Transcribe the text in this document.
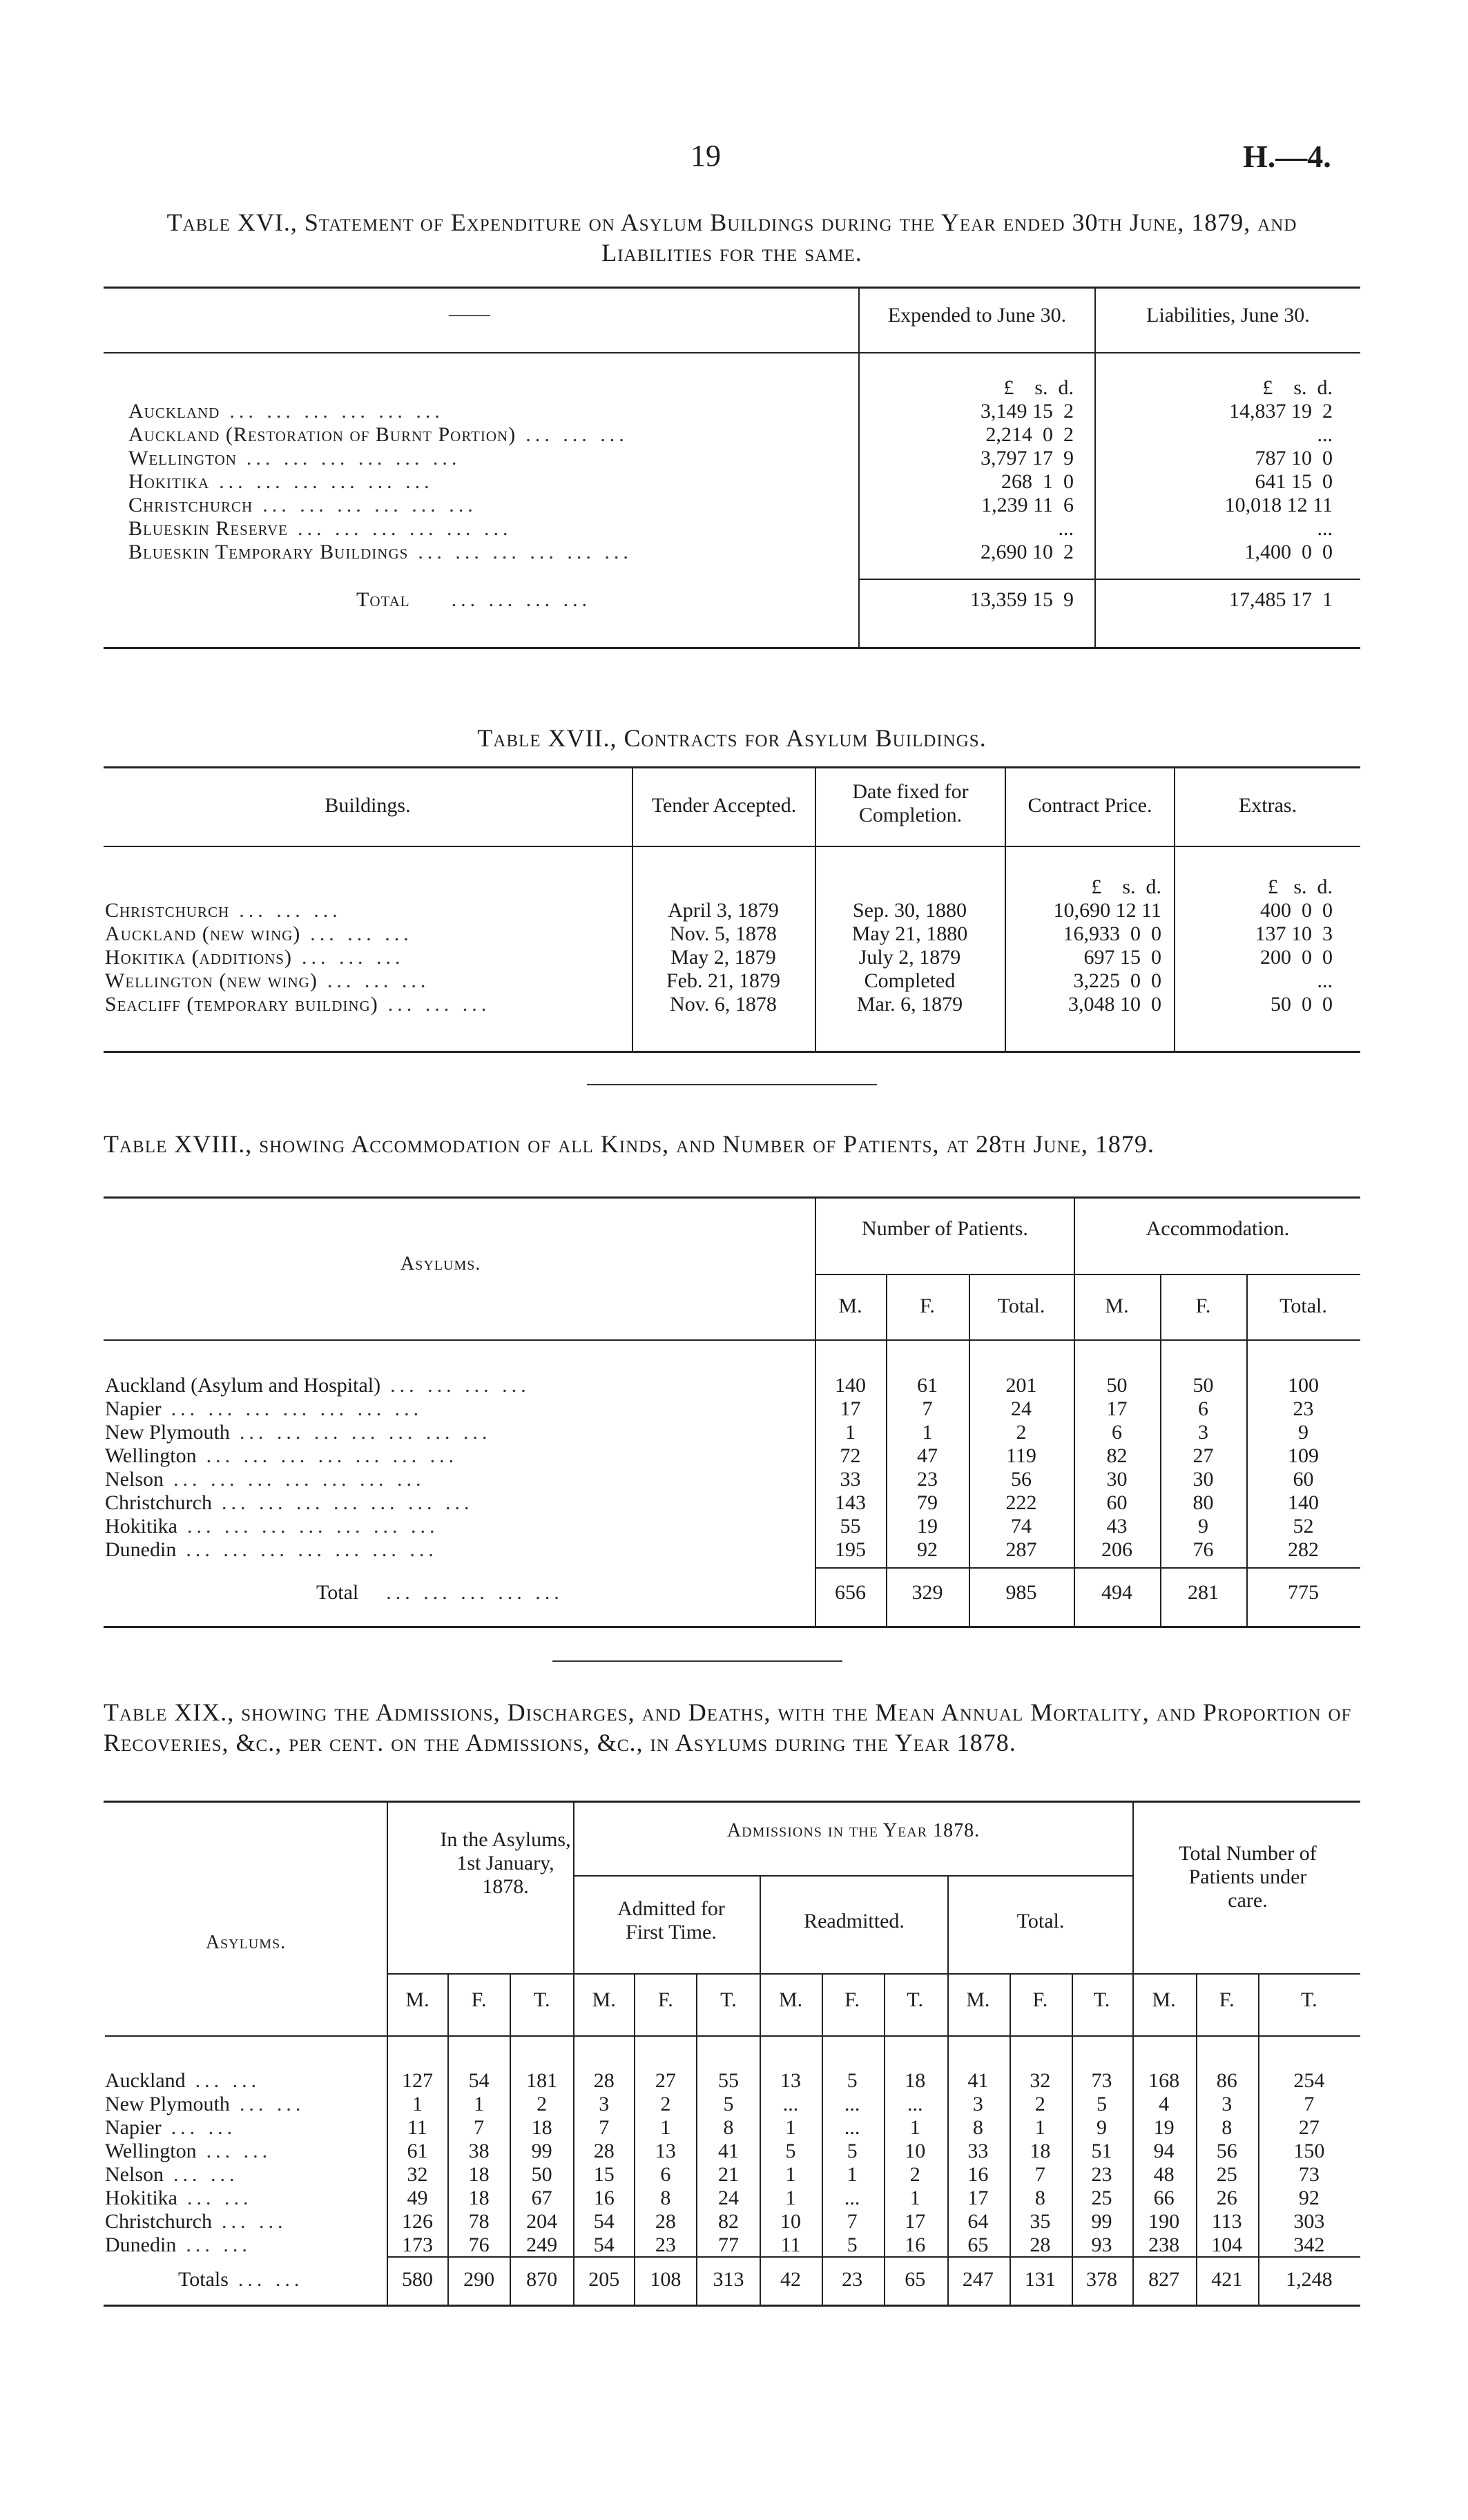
19	H.—4.
Table XVI., Statement of Expenditure on Asylum Buildings during the Year ended 30th June, 1879, and Liabilities for the same.
——	Expended to June 30.	Liabilities, June 30.
	£    s.  d.	£    s.  d.
Auckland ... ... ... ... ... ...	3,149 15  2	14,837 19  2
Auckland (Restoration of Burnt Portion) ... ... ...	2,214  0  2	...
Wellington ... ... ... ... ... ...	3,797 17  9	787 10  0
Hokitika ... ... ... ... ... ...	268  1  0	641 15  0
Christchurch ... ... ... ... ... ...	1,239 11  6	10,018 12 11
Blueskin Reserve ... ... ... ... ... ...	...	...
Blueskin Temporary Buildings ... ... ... ... ... ...	2,690 10  2	1,400  0  0
Total ... ... ... ...	13,359 15  9	17,485 17  1
Table XVII., Contracts for Asylum Buildings.
Buildings.	Tender Accepted.
Date fixed for Completion.	Contract Price.	Extras.
			£    s.  d.	£   s.  d.
Christchurch ... ... ...	April 3, 1879	Sep. 30, 1880	10,690 12 11	400  0  0
Auckland (new wing) ... ... ...	Nov. 5, 1878	May 21, 1880	16,933  0  0	137 10  3
Hokitika (additions) ... ... ...	May 2, 1879	July 2, 1879	697 15  0	200  0  0
Wellington (new wing) ... ... ...	Feb. 21, 1879	Completed	3,225  0  0	...
Seacliff (temporary building) ... ... ...	Nov. 6, 1878	Mar. 6, 1879	3,048 10  0	50  0  0
Table XVIII., showing Accommodation of all Kinds, and Number of Patients, at 28th June, 1879.
Asylums.
Number of Patients.	Accommodation.
	M.	F.	Total.	M.	F.	Total.
Auckland (Asylum and Hospital) ... ... ... ...	140	61	201	50	50	100
Napier ... ... ... ... ... ... ...	17	7	24	17	6	23
New Plymouth ... ... ... ... ... ... ...	1	1	2	6	3	9
Wellington ... ... ... ... ... ... ...	72	47	119	82	27	109
Nelson ... ... ... ... ... ... ...	33	23	56	30	30	60
Christchurch ... ... ... ... ... ... ...	143	79	222	60	80	140
Hokitika ... ... ... ... ... ... ...	55	19	74	43	9	52
Dunedin ... ... ... ... ... ... ...	195	92	287	206	76	282
Total ... ... ... ... ...	656	329	985	494	281	775
Table XIX., showing the Admissions, Discharges, and Deaths, with the Mean Annual Mortality, and Proportion of Recoveries, &c., per cent. on the Admissions, &c., in Asylums during the Year 1878.
Asylums.
In the Asylums, 1st January, 1878.
Admissions in the Year 1878.
Admitted for First Time.	Readmitted.	Total.
Total Number of Patients under care.
	M.	F.	T.	M.	F.	T.	M.	F.	T.	M.	F.	T.	M.	F.	T.
Auckland ... ...	127	54	181	28	27	55	13	5	18	41	32	73	168	86	254
New Plymouth ... ...	1	1	2	3	2	5	...	...	...	3	2	5	4	3	7
Napier ... ...	11	7	18	7	1	8	1	...	1	8	1	9	19	8	27
Wellington ... ...	61	38	99	28	13	41	5	5	10	33	18	51	94	56	150
Nelson ... ...	32	18	50	15	6	21	1	1	2	16	7	23	48	25	73
Hokitika ... ...	49	18	67	16	8	24	1	...	1	17	8	25	66	26	92
Christchurch ... ...	126	78	204	54	28	82	10	7	17	64	35	99	190	113	303
Dunedin ... ...	173	76	249	54	23	77	11	5	16	65	28	93	238	104	342
Totals ... ...	580	290	870	205	108	313	42	23	65	247	131	378	827	421	1,248
